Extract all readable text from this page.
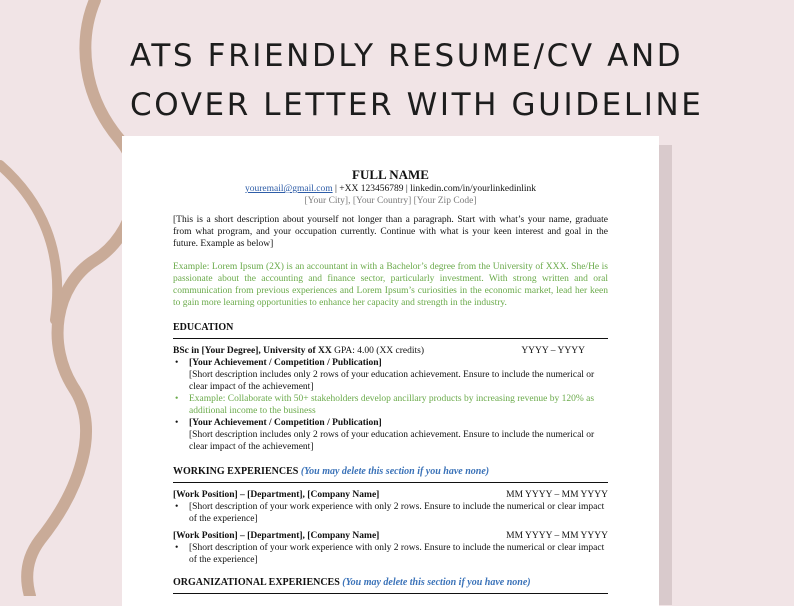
ATS FRIENDLY RESUME/CV AND
COVER LETTER WITH GUIDELINE
FULL NAME
youremail@gmail.com | +XX 123456789 | linkedin.com/in/yourlinkedinlink
[Your City], [Your Country] [Your Zip Code]

[This is a short description about yourself not longer than a paragraph. Start with what’s your name, graduate from what program, and your occupation currently. Continue with what is your keen interest and goal in the future. Example as below]

Example: Lorem Ipsum (2X) is an accountant in with a Bachelor’s degree from the University of XXX. She/He is passionate about the accounting and finance sector, particularly investment. With strong written and oral communication from previous experiences and Lorem Ipsum’s curiosities in the economic market, lead her keen to gain more learning opportunities to enhance her capacity and strength in the industry.

EDUCATION
BSc in [Your Degree], University of XX GPA: 4.00 (XX credits)	YYYY – YYYY
• [Your Achievement / Competition / Publication]
[Short description includes only 2 rows of your education achievement. Ensure to include the numerical or clear impact of the achievement]
• Example: Collaborate with 50+ stakeholders develop ancillary products by increasing revenue by 120% as additional income to the business
• [Your Achievement / Competition / Publication]
[Short description includes only 2 rows of your education achievement. Ensure to include the numerical or clear impact of the achievement]
WORKING EXPERIENCES (You may delete this section if you have none)
[Work Position] – [Department], [Company Name]	MM YYYY – MM YYYY
• [Short description of your work experience with only 2 rows. Ensure to include the numerical or clear impact of the experience]
[Work Position] – [Department], [Company Name]	MM YYYY – MM YYYY
• [Short description of your work experience with only 2 rows. Ensure to include the numerical or clear impact of the experience]
ORGANIZATIONAL EXPERIENCES (You may delete this section if you have none)
